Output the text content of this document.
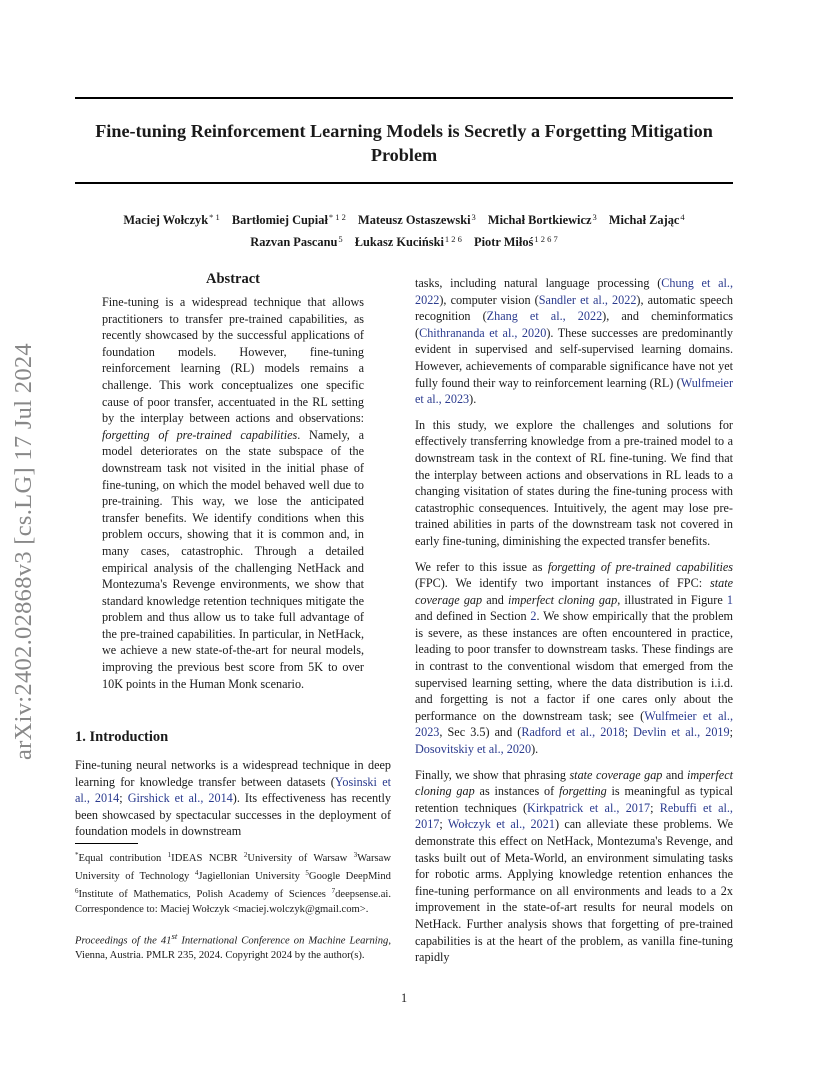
arXiv:2402.02868v3 [cs.LG] 17 Jul 2024
Fine-tuning Reinforcement Learning Models is Secretly a Forgetting Mitigation Problem
Maciej Wołczyk$^{* 1}$ Bartłomiej Cupiał$^{* 1 2}$ Mateusz Ostaszewski$^3$ Michał Bortkiewicz$^3$ Michał Zając$^4$
Razvan Pascanu$^5$ Łukasz Kuciński$^{1 2 6}$ Piotr Miłoś$^{1 2 6 7}$
Abstract

Fine-tuning is a widespread technique that allows practitioners to transfer pre-trained capabilities, as recently showcased by the successful applications of foundation models. However, fine-tuning reinforcement learning (RL) models remains a challenge. This work conceptualizes one specific cause of poor transfer, accentuated in the RL setting by the interplay between actions and observations: forgetting of pre-trained capabilities. Namely, a model deteriorates on the state subspace of the downstream task not visited in the initial phase of fine-tuning, on which the model behaved well due to pre-training. This way, we lose the anticipated transfer benefits. We identify conditions when this problem occurs, showing that it is common and, in many cases, catastrophic. Through a detailed empirical analysis of the challenging NetHack and Montezuma's Revenge environments, we show that standard knowledge retention techniques mitigate the problem and thus allow us to take full advantage of the pre-trained capabilities. In particular, in NetHack, we achieve a new state-of-the-art for neural models, improving the previous best score from 5K to over 10K points in the Human Monk scenario.

1. Introduction

Fine-tuning neural networks is a widespread technique in deep learning for knowledge transfer between datasets (Yosinski et al., 2014; Girshick et al., 2014). Its effectiveness has recently been showcased by spectacular successes in the deployment of foundation models in downstream

*Equal contribution $^1$IDEAS NCBR $^2$University of Warsaw $^3$Warsaw University of Technology $^4$Jagiellonian University $^5$Google DeepMind $^6$Institute of Mathematics, Polish Academy of Sciences $^7$deepsense.ai. Correspondence to: Maciej Wołczyk <maciej.wolczyk@gmail.com>.
Proceedings of the 41st International Conference on Machine Learning, Vienna, Austria. PMLR 235, 2024. Copyright 2024 by the author(s).

tasks, including natural language processing (Chung et al., 2022), computer vision (Sandler et al., 2022), automatic speech recognition (Zhang et al., 2022), and cheminformatics (Chithrananda et al., 2020). These successes are predominantly evident in supervised and self-supervised learning domains. However, achievements of comparable significance have not yet fully found their way to reinforcement learning (RL) (Wulfmeier et al., 2023).

In this study, we explore the challenges and solutions for effectively transferring knowledge from a pre-trained model to a downstream task in the context of RL fine-tuning. We find that the interplay between actions and observations in RL leads to a changing visitation of states during the fine-tuning process with catastrophic consequences. Intuitively, the agent may lose pre-trained abilities in parts of the downstream task not covered in early fine-tuning, diminishing the expected transfer benefits.

We refer to this issue as forgetting of pre-trained capabilities (FPC). We identify two important instances of FPC: state coverage gap and imperfect cloning gap, illustrated in Figure 1 and defined in Section 2. We show empirically that the problem is severe, as these instances are often encountered in practice, leading to poor transfer to downstream tasks. These findings are in contrast to the conventional wisdom that emerged from the supervised learning setting, where the data distribution is i.i.d. and forgetting is not a factor if one cares only about the performance on the downstream task; see (Wulfmeier et al., 2023, Sec 3.5) and (Radford et al., 2018; Devlin et al., 2019; Dosovitskiy et al., 2020).

Finally, we show that phrasing state coverage gap and imperfect cloning gap as instances of forgetting is meaningful as typical retention techniques (Kirkpatrick et al., 2017; Rebuffi et al., 2017; Wołczyk et al., 2021) can alleviate these problems. We demonstrate this effect on NetHack, Montezuma's Revenge, and tasks built out of Meta-World, an environment simulating tasks for robotic arms. Applying knowledge retention enhances the fine-tuning performance on all environments and leads to a 2x improvement in the state-of-art results for neural models on NetHack. Further analysis shows that forgetting of pre-trained capabilities is at the heart of the problem, as vanilla fine-tuning rapidly

1
